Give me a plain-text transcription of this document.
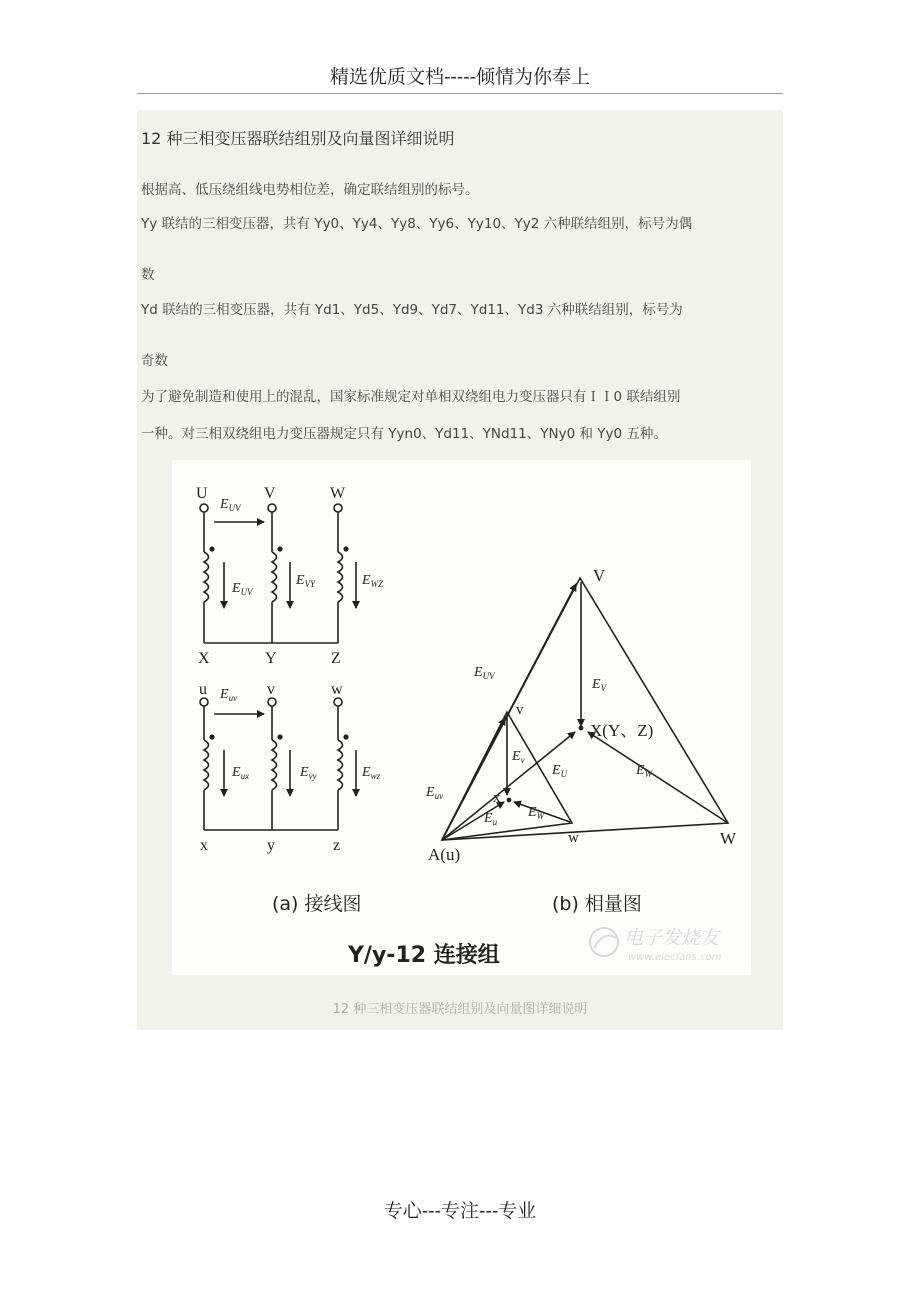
精选优质文档-----倾情为你奉上
12 种三相变压器联结组别及向量图详细说明
根据高、低压绕组线电势相位差，确定联结组别的标号。
Yy 联结的三相变压器，共有 Yy0、Yy4、Yy8、Yy6、Yy10、Yy2 六种联结组别，标号为偶
数
Yd 联结的三相变压器，共有 Yd1、Yd5、Yd9、Yd7、Yd11、Yd3 六种联结组别，标号为
奇数
为了避免制造和使用上的混乱，国家标准规定对单相双绕组电力变压器只有ＩＩ0 联结组别
一种。对三相双绕组电力变压器规定只有 Yyn0、Yd11、YNd11、YNy0 和 Yy0 五种。
U	V	W
X	Y	Z
$E_{UV}$
$E_{UV}$
$E_{VY}$	$E_{WZ}$
u	v	w
x	y	z
$E_{uv}$
$E_{ux}$	$E_{vy}$	$E_{wz}$
V
X(Y、Z)
A(u)
W
v
w
x
$E_{UV}$
$E_V$
$E_U$	$E_W$
$E_{uv}$
$E_v$
$E_u$
$E_W$
(a) 接线图	(b) 相量图
Y/y-12 连接组
电子发烧友
www.elecfans.com
12 种三相变压器联结组别及向量图详细说明
专心---专注---专业
